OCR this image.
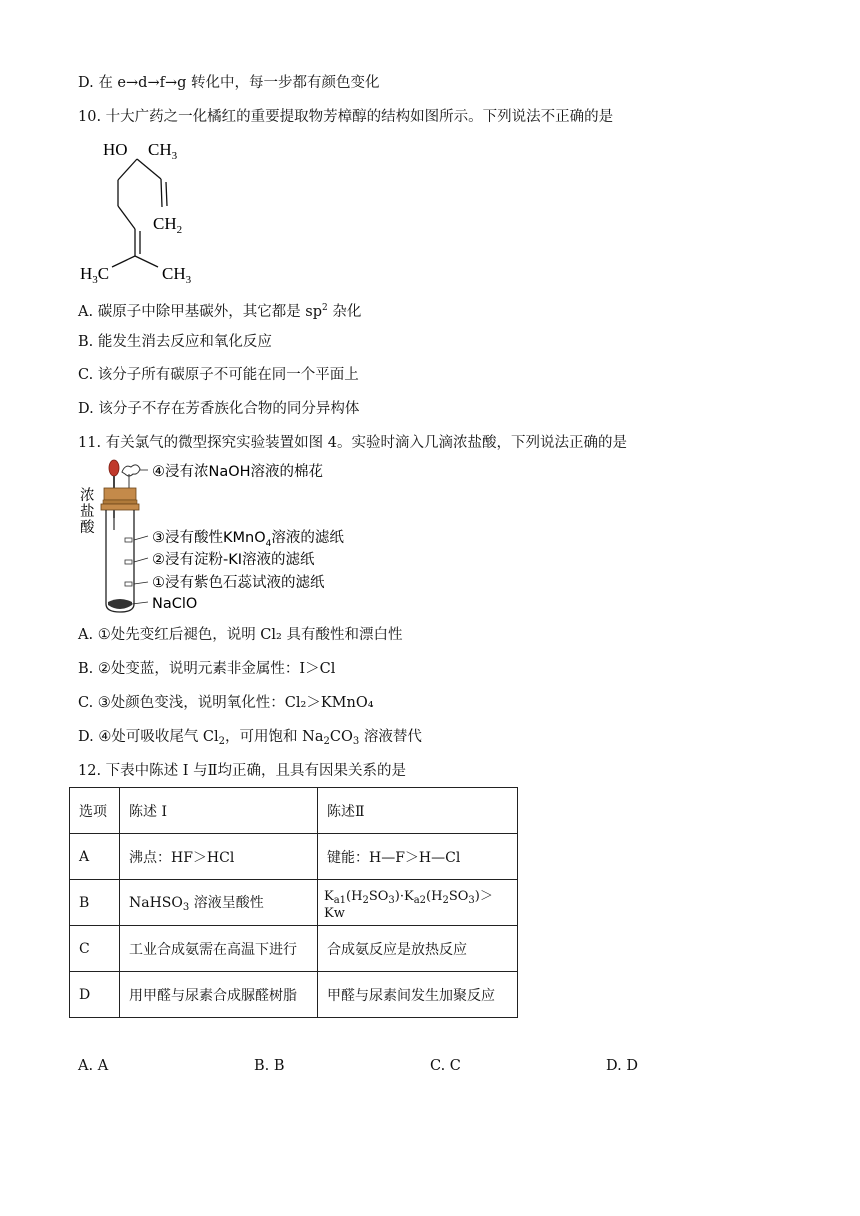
D. 在 e→d→f→g 转化中，每一步都有颜色变化
10. 十大广药之一化橘红的重要提取物芳樟醇的结构如图所示。下列说法不正确的是
HO $CH_3$
$CH_2$
$H_3C$	$CH_3$
A. 碳原子中除甲基碳外，其它都是 $sp^2$ 杂化
B. 能发生消去反应和氧化反应
C. 该分子所有碳原子不可能在同一个平面上
D. 该分子不存在芳香族化合物的同分异构体
11. 有关氯气的微型探究实验装置如图 4。实验时滴入几滴浓盐酸，下列说法正确的是
④浸有浓NaOH溶液的棉花
③浸有酸性KMnO$_4$溶液的滤纸
②浸有淀粉-KI溶液的滤纸
①浸有紫色石蕊试液的滤纸
NaClO
浓
盐
酸
A. ①处先变红后褪色，说明 Cl₂ 具有酸性和漂白性
B. ②处变蓝，说明元素非金属性：I＞Cl
C. ③处颜色变浅，说明氧化性：Cl₂＞KMnO₄
D. ④处可吸收尾气 $Cl_2$，可用饱和 $Na_2CO_3$ 溶液替代
12. 下表中陈述 I 与Ⅱ均正确，且具有因果关系的是
选项	陈述 I	陈述Ⅱ
A	沸点：HF＞HCl	键能：H—F＞H—Cl
B	NaHSO$_3$ 溶液呈酸性	$K_{a1}(H_2SO_3)\cdot K_{a2}(H_2SO_3)>Kw$
C	工业合成氨需在高温下进行	合成氨反应是放热反应
D	用甲醛与尿素合成脲醛树脂	甲醛与尿素间发生加聚反应
A. A	B. B	C. C	D. D
